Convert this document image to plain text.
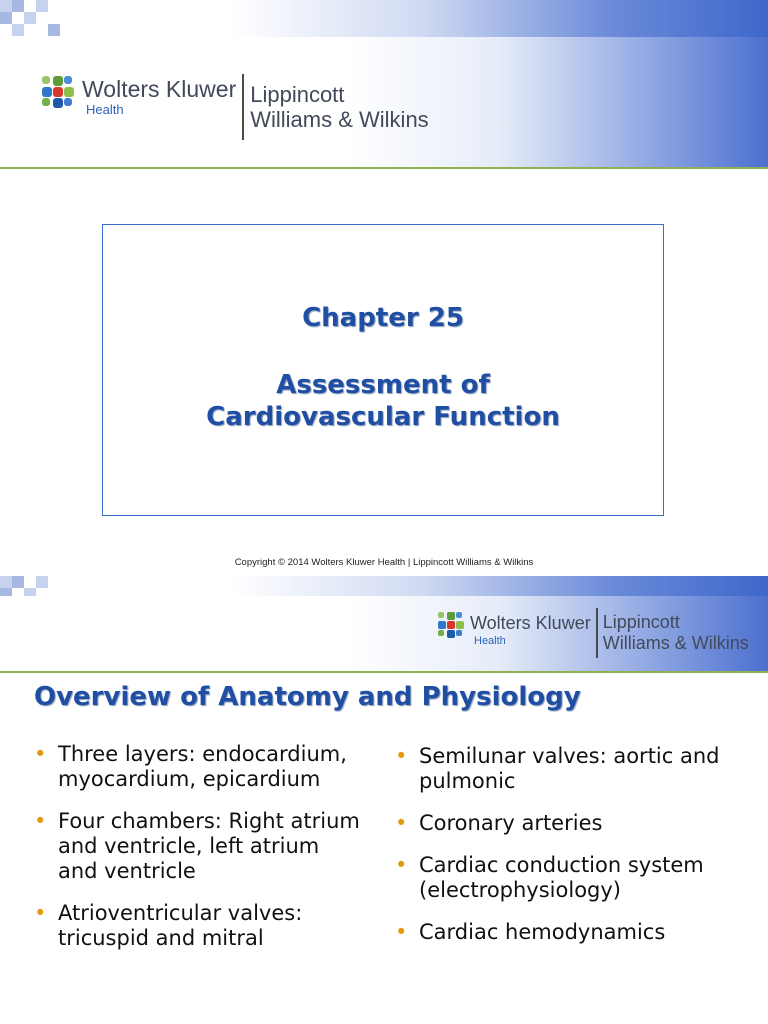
Wolters Kluwer
Health
Lippincott
Williams & Wilkins
Chapter 25
Assessment of
Cardiovascular Function
Copyright © 2014 Wolters Kluwer Health | Lippincott Williams & Wilkins
Wolters Kluwer
Health
Lippincott
Williams & Wilkins
Overview of Anatomy and Physiology
• Three layers: endocardium, myocardium, epicardium
• Four chambers: Right atrium and ventricle, left atrium and ventricle
• Atrioventricular valves: tricuspid and mitral
• Semilunar valves: aortic and pulmonic
• Coronary arteries
• Cardiac conduction system (electrophysiology)
• Cardiac hemodynamics
